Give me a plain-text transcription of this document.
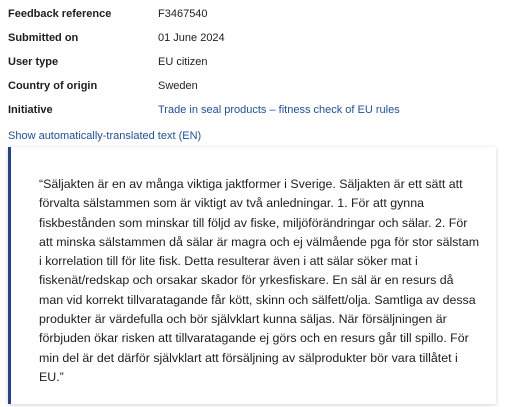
Feedback reference	F3467540
Submitted on	01 June 2024
User type	EU citizen
Country of origin	Sweden
Initiative	Trade in seal products – fitness check of EU rules
Show automatically-translated text (EN)
“Säljakten är en av många viktiga jaktformer i Sverige. Säljakten är ett sätt att förvalta sälstammen som är viktigt av två anledningar. 1. För att gynna fiskbestånden som minskar till följd av fiske, miljöförändringar och sälar. 2. För att minska sälstammen då sälar är magra och ej välmående pga för stor sälstam i korrelation till för lite fisk. Detta resulterar även i att sälar söker mat i fiskenät/redskap och orsakar skador för yrkesfiskare. En säl är en resurs då man vid korrekt tillvaratagande får kött, skinn och sälfett/olja. Samtliga av dessa produkter är värdefulla och bör självklart kunna säljas. När försäljningen är förbjuden ökar risken att tillvaratagande ej görs och en resurs går till spillo. För min del är det därför självklart att försäljning av sälprodukter bör vara tillåtet i EU.”
